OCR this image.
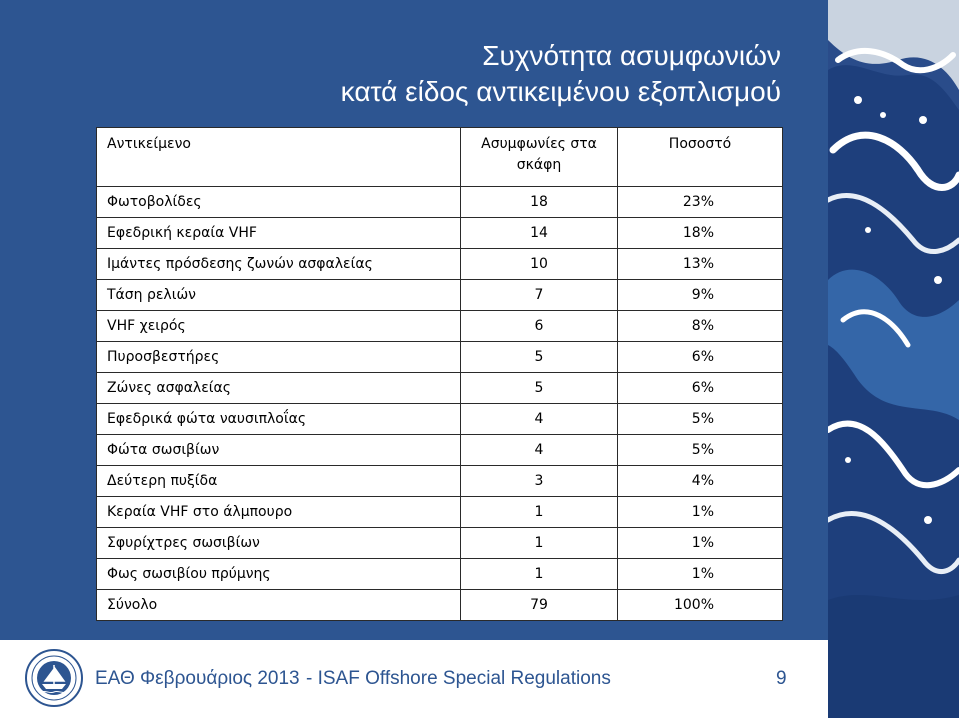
Συχνότητα ασυμφωνιών
κατά είδος αντικειμένου εξοπλισμού
Αντικείμενο	Ασυμφωνίες στα σκάφη	Ποσοστό
Φωτοβολίδες	18	23%
Εφεδρική κεραία VHF	14	18%
Ιμάντες πρόσδεσης ζωνών ασφαλείας	10	13%
Τάση ρελιών	7	9%
VHF χειρός	6	8%
Πυροσβεστήρες	5	6%
Ζώνες ασφαλείας	5	6%
Εφεδρικά φώτα ναυσιπλοΐας	4	5%
Φώτα σωσιβίων	4	5%
Δεύτερη πυξίδα	3	4%
Κεραία VHF στο άλμπουρο	1	1%
Σφυρίχτρες σωσιβίων	1	1%
Φως σωσιβίου πρύμνης	1	1%
Σύνολο	79	100%
ΕΑΘ Φεβρουάριος 2013 - ISAF Offshore Special Regulations	9
